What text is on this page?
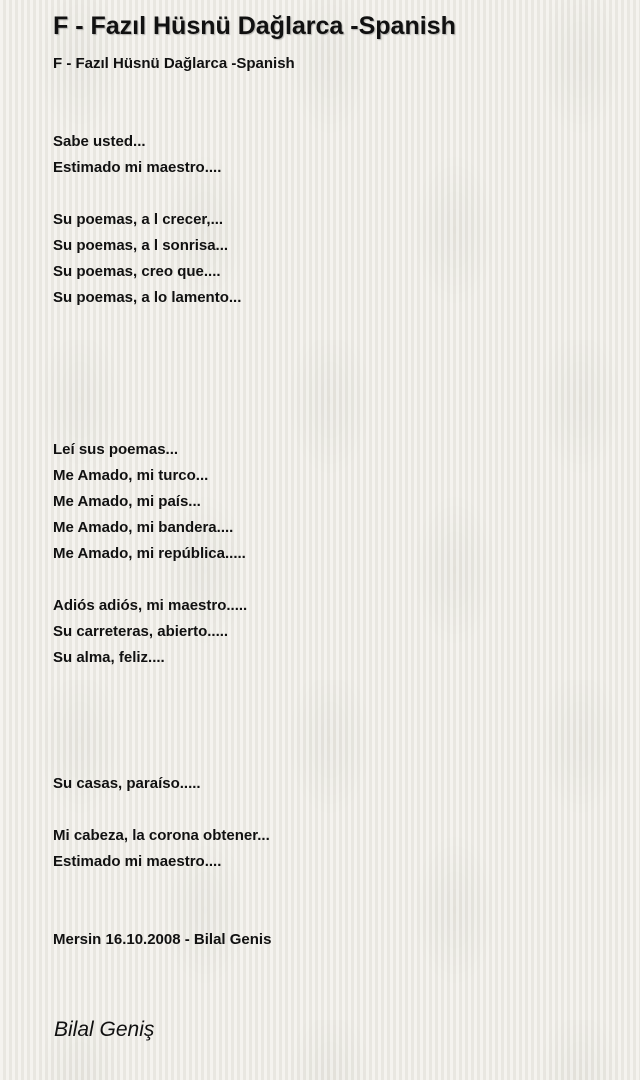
F - Fazıl Hüsnü Dağlarca -Spanish
F - Fazıl Hüsnü Dağlarca -Spanish

Sabe usted...

Estimado mi maestro....

Su poemas, a l crecer,...

Su poemas, a l sonrisa...

Su poemas, creo que....

Su poemas, a lo lamento...

Leí sus poemas...

Me Amado, mi turco...

Me Amado, mi país...

Me Amado, mi bandera....

Me Amado, mi república.....

Adiós adiós, mi maestro.....

Su carreteras, abierto.....

Su alma, feliz....

Su casas, paraíso.....

Mi cabeza, la corona obtener...

Estimado mi maestro....

Mersin 16.10.2008 - Bilal Genis

Bilal Geniş
